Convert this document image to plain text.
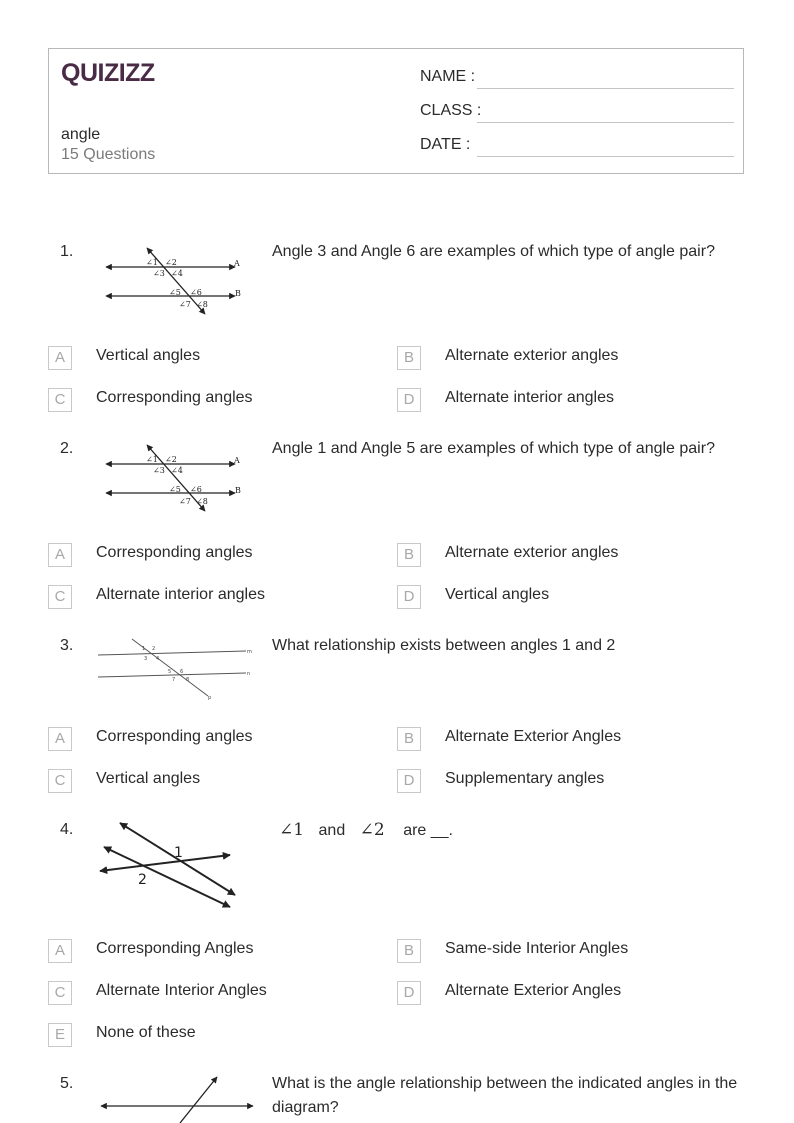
QUIZIZZ
angle
15 Questions
NAME :
CLASS :
DATE :
1.
∠1 ∠2
∠3 ∠4
∠5 ∠6
∠7 ∠8
A
B
Angle 3 and Angle 6 are examples of which type of angle pair?
A	Vertical angles	B	Alternate exterior angles
C	Corresponding angles	D	Alternate interior angles
2.
∠1 ∠2
∠3 ∠4
∠5 ∠6
∠7 ∠8
A
B
Angle 1 and Angle 5 are examples of which type of angle pair?
A	Corresponding angles	B	Alternate exterior angles
C	Alternate interior angles	D	Vertical angles
3.	1 2
3 4
5 6
7 8
m
n
p
What relationship exists between angles 1 and 2
A	Corresponding angles	B	Alternate Exterior Angles
C	Vertical angles	D	Supplementary angles
4.
1
2
∠1 and ∠2 are __.
A	Corresponding Angles	B	Same-side Interior Angles
C	Alternate Interior Angles	D	Alternate Exterior Angles
E	None of these
5.	What is the angle relationship between the indicated angles in the diagram?
